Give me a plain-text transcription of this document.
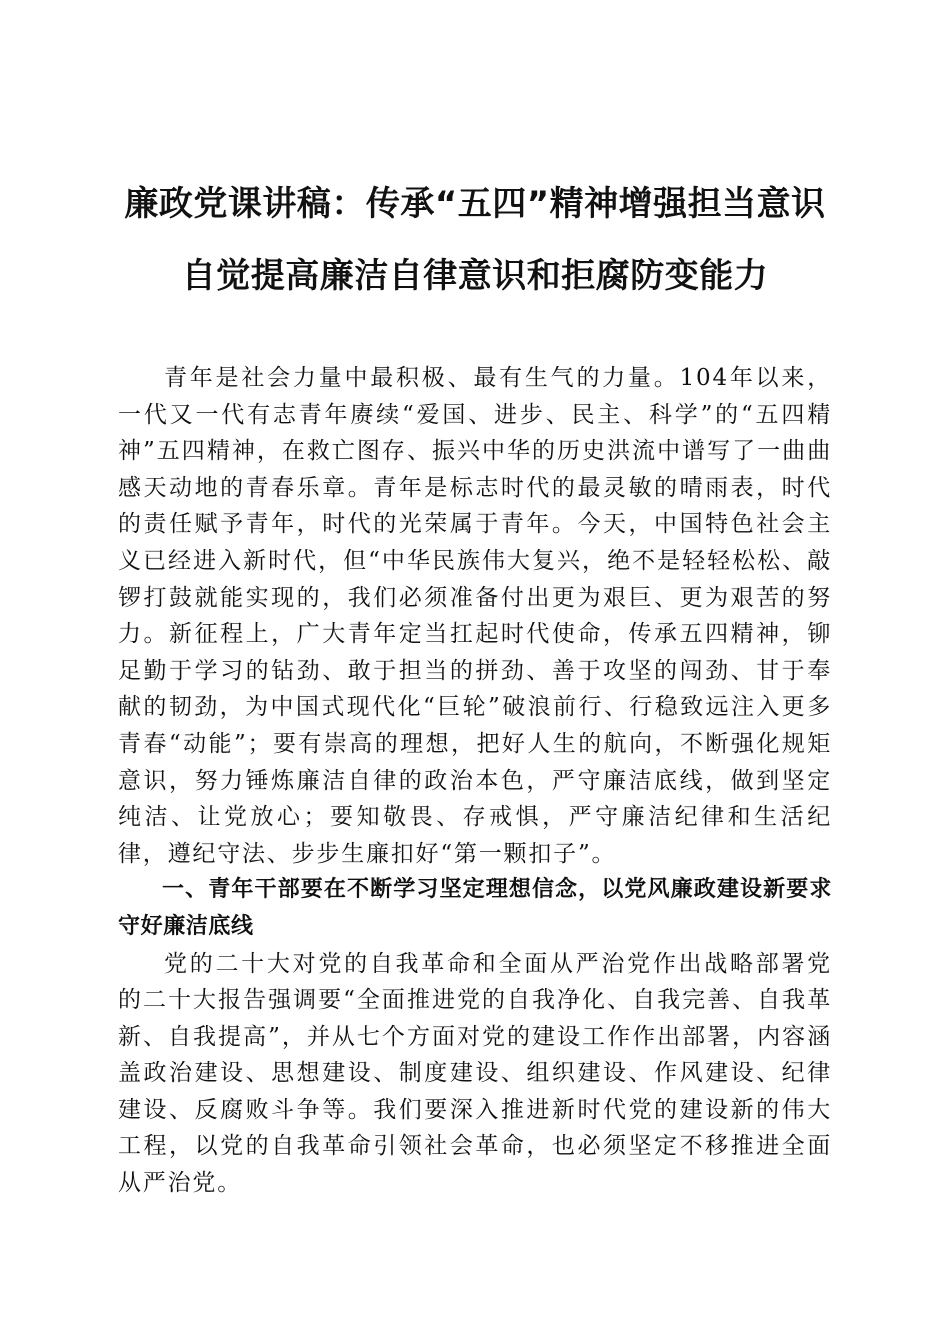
廉政党课讲稿：传承“五四”精神增强担当意识自觉提高廉洁自律意识和拒腐防变能力

青年是社会力量中最积极、最有生气的力量。104年以来，一代又一代有志青年赓续“爱国、进步、民主、科学”的“五四精神”五四精神，在救亡图存、振兴中华的历史洪流中谱写了一曲曲感天动地的青春乐章。青年是标志时代的最灵敏的晴雨表，时代的责任赋予青年，时代的光荣属于青年。今天，中国特色社会主义已经进入新时代，但“中华民族伟大复兴，绝不是轻轻松松、敲锣打鼓就能实现的，我们必须准备付出更为艰巨、更为艰苦的努力。新征程上，广大青年定当扛起时代使命，传承五四精神，铆足勤于学习的钻劲、敢于担当的拼劲、善于攻坚的闯劲、甘于奉献的韧劲，为中国式现代化“巨轮”破浪前行、行稳致远注入更多青春“动能”；要有崇高的理想，把好人生的航向，不断强化规矩意识，努力锤炼廉洁自律的政治本色，严守廉洁底线，做到坚定纯洁、让党放心；要知敬畏、存戒惧，严守廉洁纪律和生活纪律，遵纪守法、步步生廉扣好“第一颗扣子”。

一、青年干部要在不断学习坚定理想信念，以党风廉政建设新要求守好廉洁底线

党的二十大对党的自我革命和全面从严治党作出战略部署党的二十大报告强调要“全面推进党的自我净化、自我完善、自我革新、自我提高”，并从七个方面对党的建设工作作出部署，内容涵盖政治建设、思想建设、制度建设、组织建设、作风建设、纪律建设、反腐败斗争等。我们要深入推进新时代党的建设新的伟大工程，以党的自我革命引领社会革命，也必须坚定不移推进全面从严治党。
